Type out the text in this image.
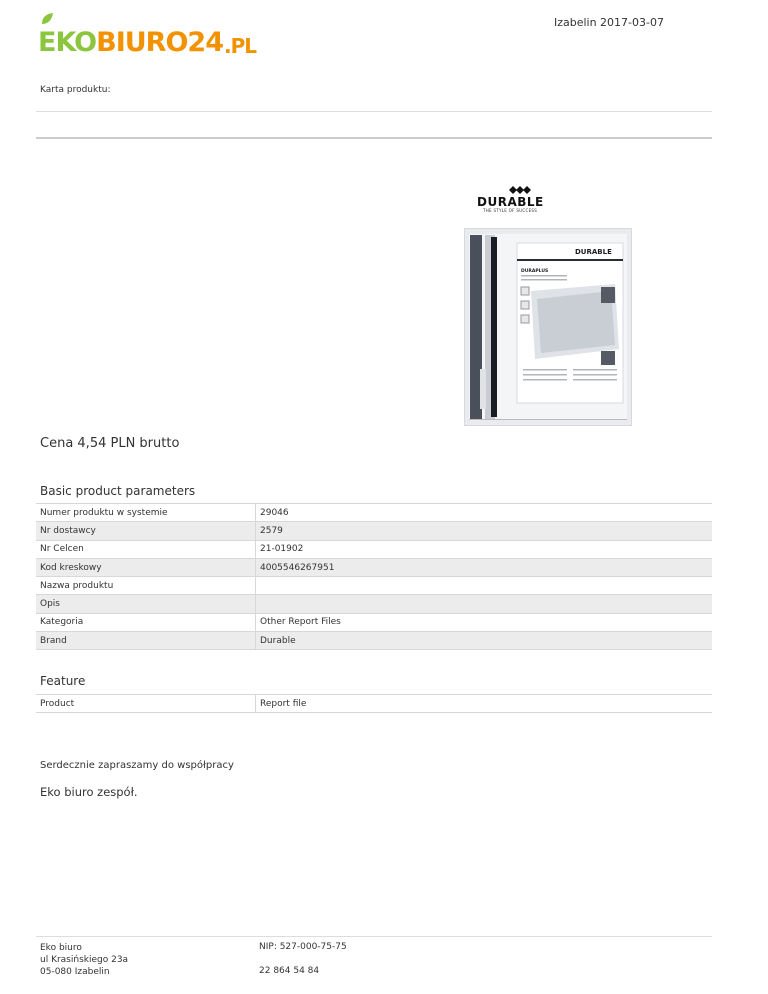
EKO BIURO24 .PL
Izabelin 2017-03-07
Karta produktu:
DURABLE
THE STYLE OF SUCCESS
DURABLE
DURAPLUS
Cena 4,54 PLN brutto
Basic product parameters
Numer produktu w systemie	29046
Nr dostawcy	2579
Nr Celcen	21-01902
Kod kreskowy	4005546267951
Nazwa produktu	
Opis	
Kategoria	Other Report Files
Brand	Durable
Feature
Product	Report file
Serdecznie zapraszamy do współpracy
Eko biuro zespół.
Eko biuro
ul Krasińskiego 23a
05-080 Izabelin
NIP: 527-000-75-75
22 864 54 84
